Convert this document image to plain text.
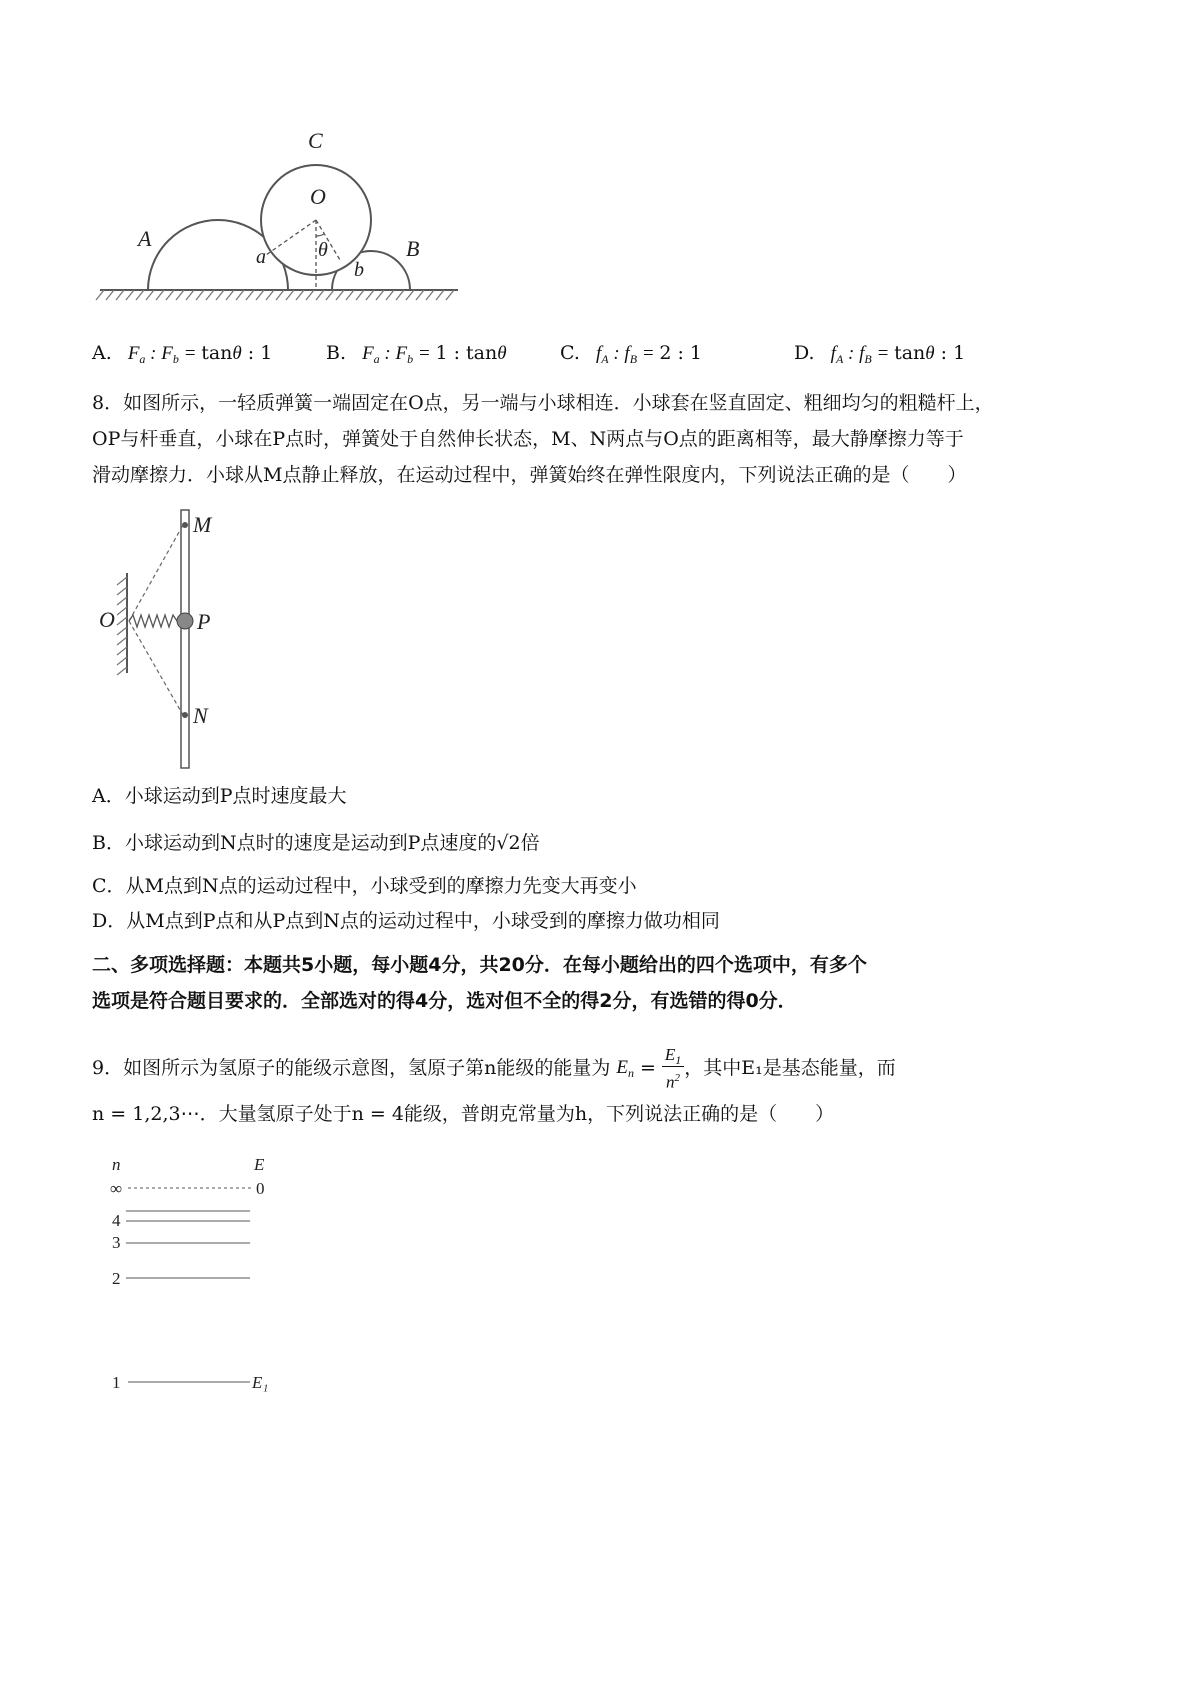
C
O
A
a	θ
b
B
A. $F_a$ : $F_b = \tan\theta$ : 1	B. $F_a$ : $F_b = 1$ : tanθ	C. $f_A$ : $f_B = 2$ : 1	D. $f_A$ : $f_B = \tan\theta$ : 1
8．如图所示，一轻质弹簧一端固定在O点，另一端与小球相连．小球套在竖直固定、粗细均匀的粗糙杆上，
OP与杆垂直，小球在P点时，弹簧处于自然伸长状态，M、N两点与O点的距离相等，最大静摩擦力等于
滑动摩擦力．小球从M点静止释放，在运动过程中，弹簧始终在弹性限度内，下列说法正确的是（　　）
M
O	P
N
A．小球运动到P点时速度最大
B．小球运动到N点时的速度是运动到P点速度的√2倍
C．从M点到N点的运动过程中，小球受到的摩擦力先变大再变小
D．从M点到P点和从P点到N点的运动过程中，小球受到的摩擦力做功相同
二、多项选择题：本题共5小题，每小题4分，共20分．在每小题给出的四个选项中，有多个
选项是符合题目要求的．全部选对的得4分，选对但不全的得2分，有选错的得0分．
9．如图所示为氢原子的能级示意图，氢原子第n能级的能量为 $E_n = \frac{E_1}{n^2}$ ，其中E₁是基态能量，而
n = 1,2,3⋯．大量氢原子处于n = 4能级，普朗克常量为h，下列说法正确的是（　　）
n	E
∞	0
4
3
2
1	E₁
